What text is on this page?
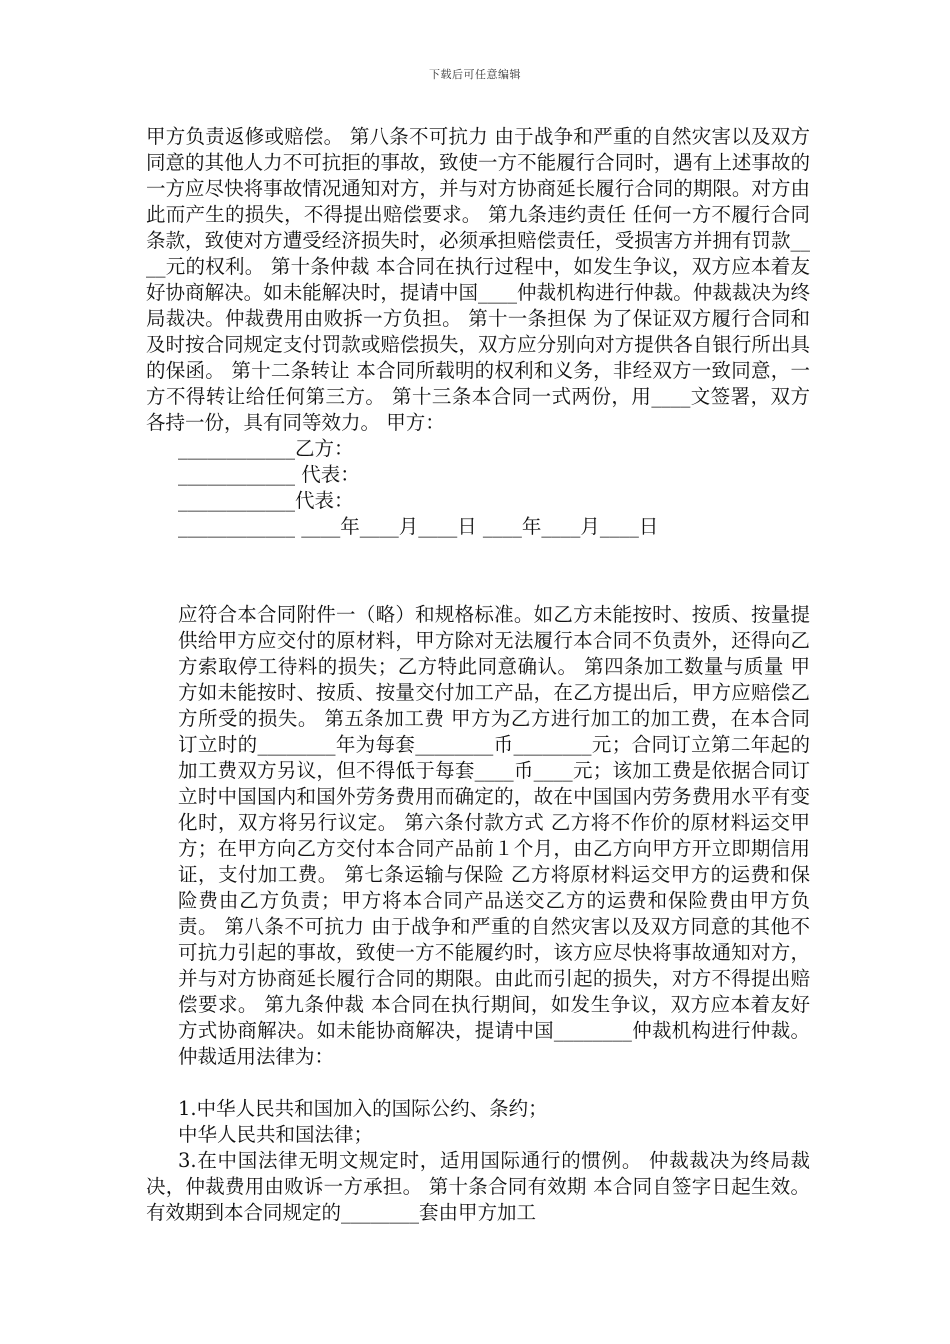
下载后可任意编辑
甲方负责返修或赔偿。 第八条不可抗力 由于战争和严重的自然灾害以及双方同意的其他人力不可抗拒的事故，致使一方不能履行合同时，遇有上述事故的一方应尽快将事故情况通知对方，并与对方协商延长履行合同的期限。对方由此而产生的损失，不得提出赔偿要求。 第九条违约责任 任何一方不履行合同条款，致使对方遭受经济损失时，必须承担赔偿责任，受损害方并拥有罚款____元的权利。 第十条仲裁 本合同在执行过程中，如发生争议，双方应本着友好协商解决。如未能解决时，提请中国____仲裁机构进行仲裁。仲裁裁决为终局裁决。仲裁费用由败拆一方负担。 第十一条担保 为了保证双方履行合同和及时按合同规定支付罚款或赔偿损失，双方应分别向对方提供各自银行所出具的保函。 第十二条转让 本合同所载明的权利和义务，非经双方一致同意，一方不得转让给任何第三方。 第十三条本合同一式两份，用____文签署，双方各持一份，具有同等效力。 甲方：
____________乙方：
____________ 代表：
____________代表：
____________ ____年____月____日 ____年____月____日
应符合本合同附件一（略）和规格标准。如乙方未能按时、按质、按量提供给甲方应交付的原材料，甲方除对无法履行本合同不负责外，还得向乙方索取停工待料的损失；乙方特此同意确认。 第四条加工数量与质量 甲方如未能按时、按质、按量交付加工产品，在乙方提出后，甲方应赔偿乙方所受的损失。 第五条加工费 甲方为乙方进行加工的加工费，在本合同订立时的________年为每套________币________元；合同订立第二年起的加工费双方另议，但不得低于每套____币____元；该加工费是依据合同订立时中国国内和国外劳务费用而确定的，故在中国国内劳务费用水平有变化时，双方将另行议定。 第六条付款方式 乙方将不作价的原材料运交甲方；在甲方向乙方交付本合同产品前１个月，由乙方向甲方开立即期信用证，支付加工费。 第七条运输与保险 乙方将原材料运交甲方的运费和保险费由乙方负责；甲方将本合同产品送交乙方的运费和保险费由甲方负责。 第八条不可抗力 由于战争和严重的自然灾害以及双方同意的其他不可抗力引起的事故，致使一方不能履约时，该方应尽快将事故通知对方，并与对方协商延长履行合同的期限。由此而引起的损失，对方不得提出赔偿要求。 第九条仲裁 本合同在执行期间，如发生争议，双方应本着友好方式协商解决。如未能协商解决，提请中国________仲裁机构进行仲裁。仲裁适用法律为：
1.中华人民共和国加入的国际公约、条约；
中华人民共和国法律；
3.在中国法律无明文规定时，适用国际通行的惯例。 仲裁裁决为终局裁决，仲裁费用由败诉一方承担。 第十条合同有效期 本合同自签字日起生效。有效期到本合同规定的________套由甲方加工
